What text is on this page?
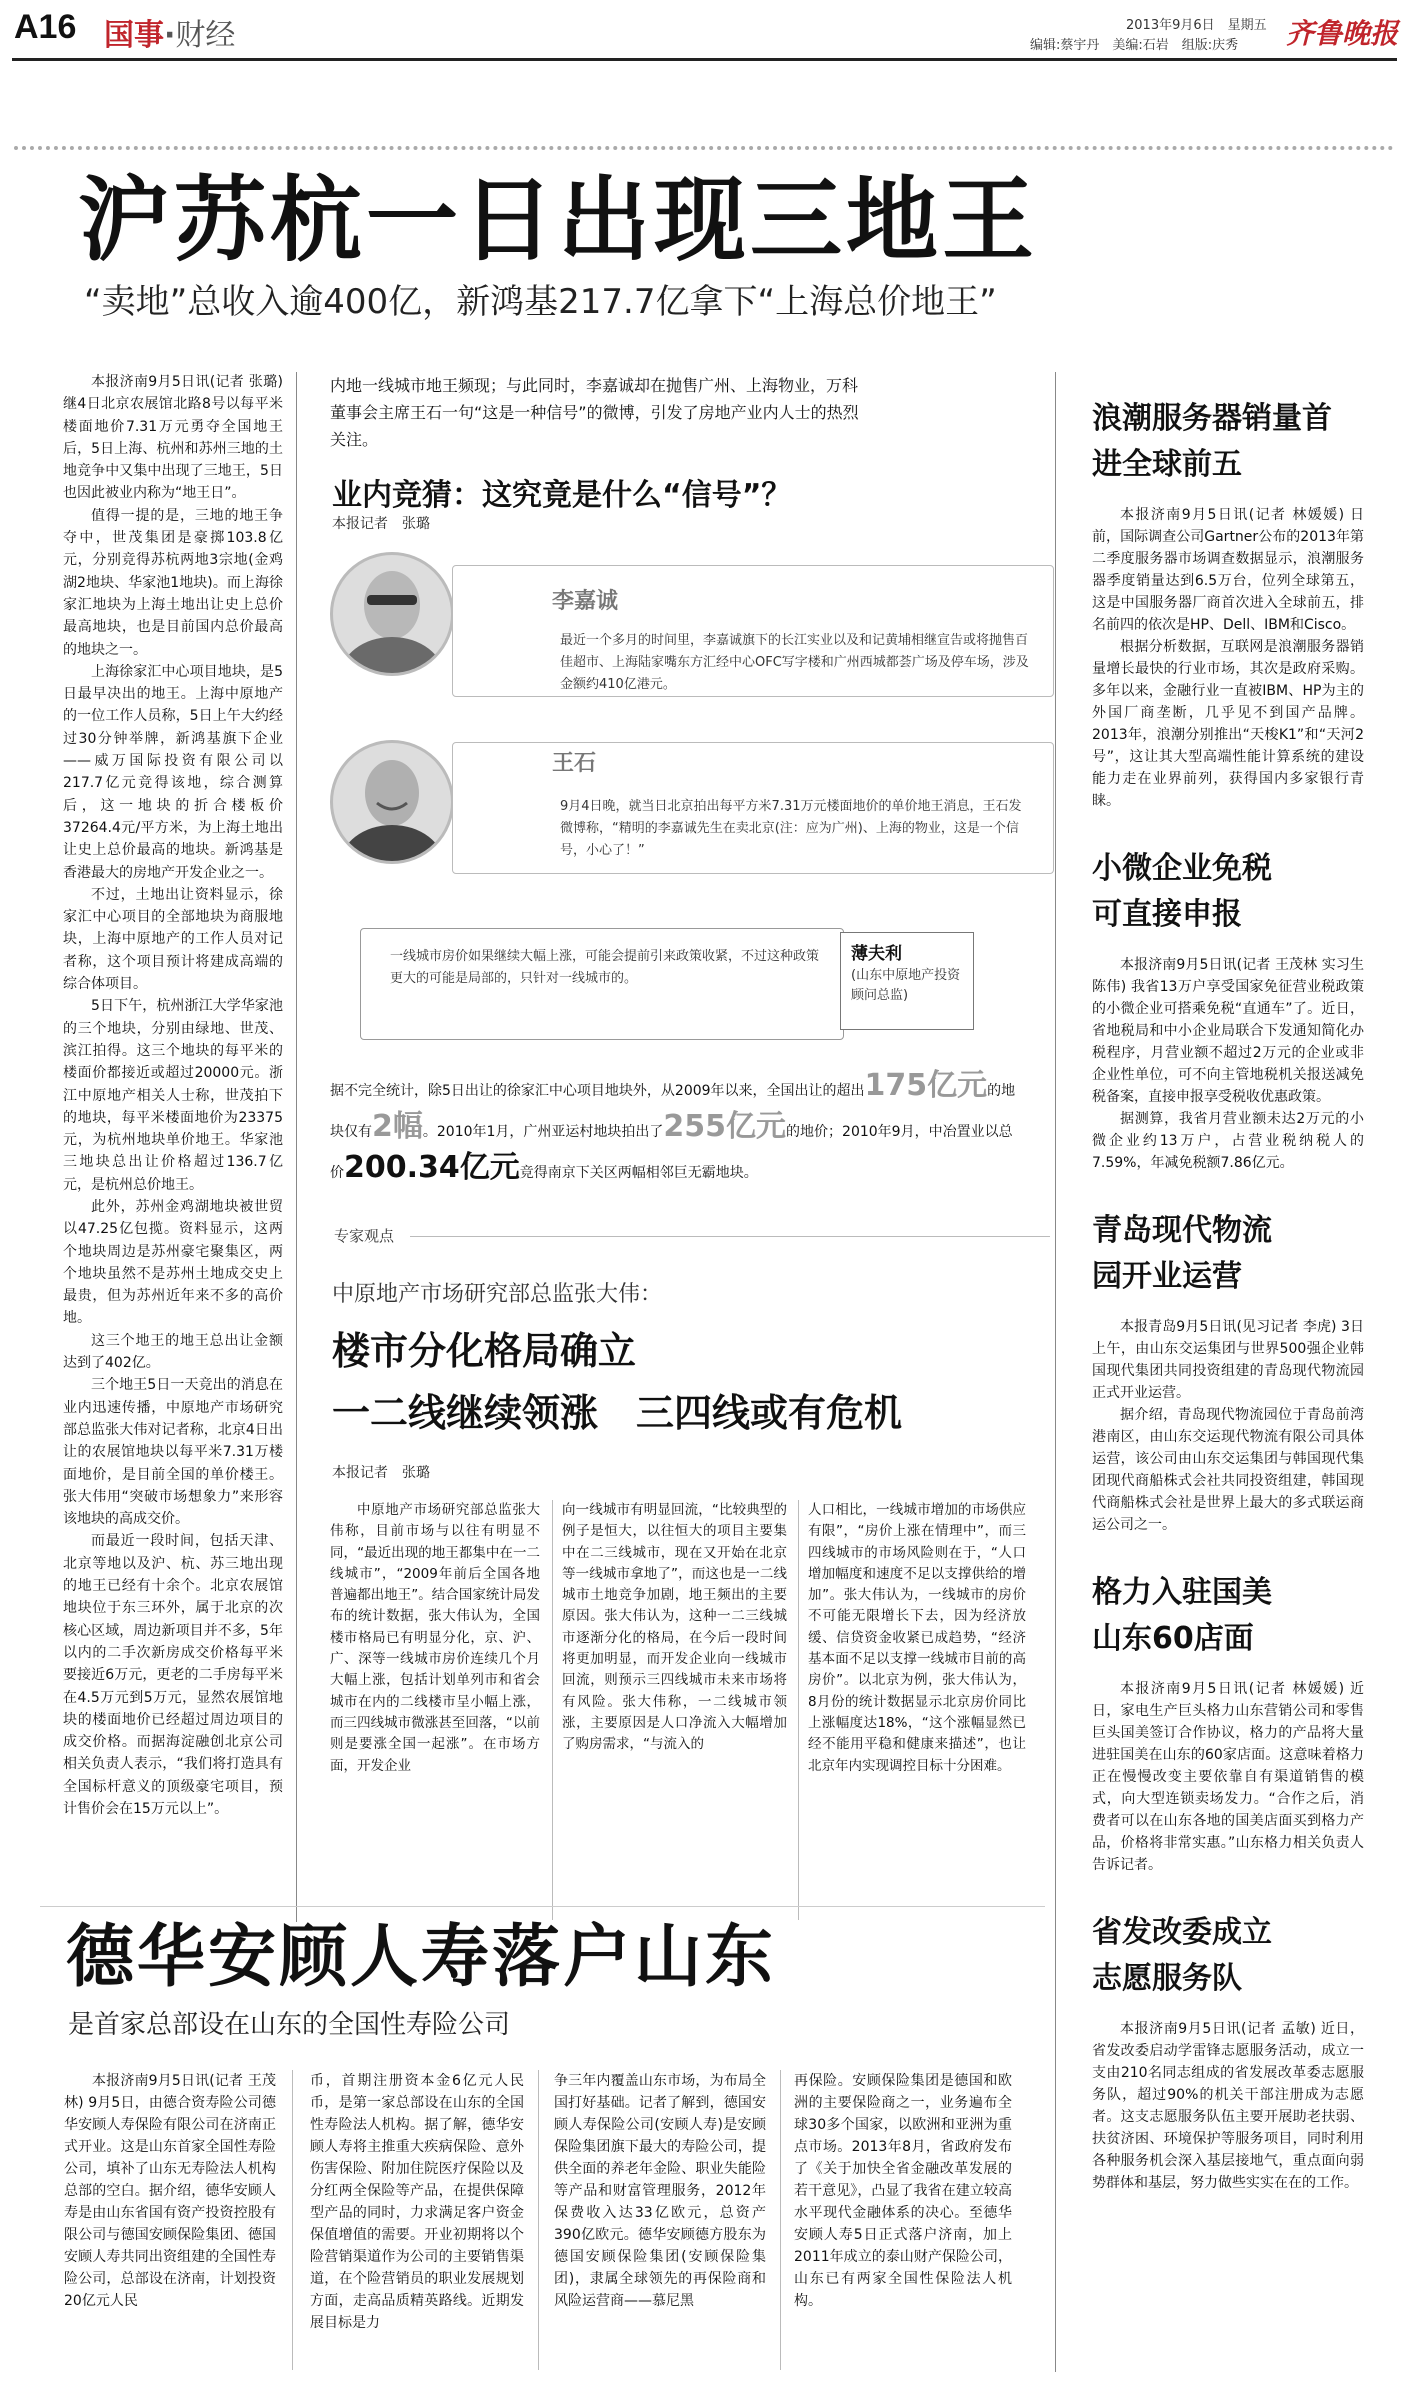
A16 国事·财经	2013年9月6日　星期五
编辑:蔡宇丹　美编:石岩　组版:庆秀 齐鲁晚报
沪苏杭一日出现三地王
“卖地”总收入逾400亿，新鸿基217.7亿拿下“上海总价地王”

本报济南9月5日讯(记者 张璐) 继4日北京农展馆北路8号以每平米楼面地价7.31万元勇夺全国地王后，5日上海、杭州和苏州三地的土地竞争中又集中出现了三地王，5日也因此被业内称为“地王日”。

值得一提的是，三地的地王争夺中，世茂集团是豪掷103.8亿元，分别竞得苏杭两地3宗地(金鸡湖2地块、华家池1地块)。而上海徐家汇地块为上海土地出让史上总价最高地块，也是目前国内总价最高的地块之一。

上海徐家汇中心项目地块，是5日最早决出的地王。上海中原地产的一位工作人员称，5日上午大约经过30分钟举牌，新鸿基旗下企业——威万国际投资有限公司以217.7亿元竞得该地，综合测算后，这一地块的折合楼板价37264.4元/平方米，为上海土地出让史上总价最高的地块。新鸿基是香港最大的房地产开发企业之一。

不过，土地出让资料显示，徐家汇中心项目的全部地块为商服地块，上海中原地产的工作人员对记者称，这个项目预计将建成高端的综合体项目。

5日下午，杭州浙江大学华家池的三个地块，分别由绿地、世茂、滨江拍得。这三个地块的每平米的楼面价都接近或超过20000元。浙江中原地产相关人士称，世茂拍下的地块，每平米楼面地价为23375元，为杭州地块单价地王。华家池三地块总出让价格超过136.7亿元，是杭州总价地王。

此外，苏州金鸡湖地块被世贸以47.25亿包揽。资料显示，这两个地块周边是苏州豪宅聚集区，两个地块虽然不是苏州土地成交史上最贵，但为苏州近年来不多的高价地。

这三个地王的地王总出让金额达到了402亿。

三个地王5日一天竞出的消息在业内迅速传播，中原地产市场研究部总监张大伟对记者称，北京4日出让的农展馆地块以每平米7.31万楼面地价，是目前全国的单价楼王。张大伟用“突破市场想象力”来形容该地块的高成交价。

而最近一段时间，包括天津、北京等地以及沪、杭、苏三地出现的地王已经有十余个。北京农展馆地块位于东三环外，属于北京的次核心区域，周边新项目并不多，5年以内的二手次新房成交价格每平米要接近6万元，更老的二手房每平米在4.5万元到5万元，显然农展馆地块的楼面地价已经超过周边项目的成交价格。而据海淀融创北京公司相关负责人表示，“我们将打造具有全国标杆意义的顶级豪宅项目，预计售价会在15万元以上”。

内地一线城市地王频现；与此同时，李嘉诚却在抛售广州、上海物业，万科董事会主席王石一句“这是一种信号”的微博，引发了房地产业内人士的热烈关注。
业内竞猜：这究竟是什么“信号”？
本报记者　张璐
李嘉诚
最近一个多月的时间里，李嘉诚旗下的长江实业以及和记黄埔相继宣告或将抛售百佳超市、上海陆家嘴东方汇经中心OFC写字楼和广州西城都荟广场及停车场，涉及金额约410亿港元。
王石
9月4日晚，就当日北京拍出每平方米7.31万元楼面地价的单价地王消息，王石发微博称，“精明的李嘉诚先生在卖北京(注：应为广州)、上海的物业，这是一个信号，小心了！”
一线城市房价如果继续大幅上涨，可能会提前引来政策收紧，不过这种政策更大的可能是局部的，只针对一线城市的。
薄夫利
(山东中原地产投资顾问总监)
据不完全统计，除5日出让的徐家汇中心项目地块外，从2009年以来，全国出让的超出175亿元的地块仅有2幅。2010年1月，广州亚运村地块拍出了255亿元的地价；2010年9月，中冶置业以总价200.34亿元竞得南京下关区两幅相邻巨无霸地块。
专家观点
中原地产市场研究部总监张大伟：
楼市分化格局确立
一二线继续领涨　三四线或有危机
本报记者　张璐

中原地产市场研究部总监张大伟称，目前市场与以往有明显不同，“最近出现的地王都集中在一二线城市”，“2009年前后全国各地普遍都出地王”。结合国家统计局发布的统计数据，张大伟认为，全国楼市格局已有明显分化，京、沪、广、深等一线城市房价连续几个月大幅上涨，包括计划单列市和省会城市在内的二线楼市呈小幅上涨，而三四线城市微涨甚至回落，“以前则是要涨全国一起涨”。在市场方面，开发企业

向一线城市有明显回流，“比较典型的例子是恒大，以往恒大的项目主要集中在二三线城市，现在又开始在北京等一线城市拿地了”，而这也是一二线城市土地竞争加剧，地王频出的主要原因。张大伟认为，这种一二三线城市逐渐分化的格局，在今后一段时间将更加明显，而开发企业向一线城市回流，则预示三四线城市未来市场将有风险。张大伟称，一二线城市领涨，主要原因是人口净流入大幅增加了购房需求，“与流入的

人口相比，一线城市增加的市场供应有限”，“房价上涨在情理中”，而三四线城市的市场风险则在于，“人口增加幅度和速度不足以支撑供给的增加”。张大伟认为，一线城市的房价不可能无限增长下去，因为经济放缓、信贷资金收紧已成趋势，“经济基本面不足以支撑一线城市目前的高房价”。以北京为例，张大伟认为，8月份的统计数据显示北京房价同比上涨幅度达18%，“这个涨幅显然已经不能用平稳和健康来描述”，也让北京年内实现调控目标十分困难。

浪潮服务器销量首进全球前五

本报济南9月5日讯(记者 林媛媛) 日前，国际调查公司Gartner公布的2013年第二季度服务器市场调查数据显示，浪潮服务器季度销量达到6.5万台，位列全球第五，这是中国服务器厂商首次进入全球前五，排名前四的依次是HP、Dell、IBM和Cisco。

根据分析数据，互联网是浪潮服务器销量增长最快的行业市场，其次是政府采购。多年以来，金融行业一直被IBM、HP为主的外国厂商垄断，几乎见不到国产品牌。2013年，浪潮分别推出“天梭K1”和“天河2号”，这让其大型高端性能计算系统的建设能力走在业界前列，获得国内多家银行青睐。

小微企业免税可直接申报

本报济南9月5日讯(记者 王茂林 实习生 陈伟) 我省13万户享受国家免征营业税政策的小微企业可搭乘免税“直通车”了。近日，省地税局和中小企业局联合下发通知简化办税程序，月营业额不超过2万元的企业或非企业性单位，可不向主管地税机关报送减免税备案，直接申报享受税收优惠政策。

据测算，我省月营业额未达2万元的小微企业约13万户，占营业税纳税人的7.59%，年减免税额7.86亿元。

青岛现代物流园开业运营

本报青岛9月5日讯(见习记者 李虎) 3日上午，由山东交运集团与世界500强企业韩国现代集团共同投资组建的青岛现代物流园正式开业运营。

据介绍，青岛现代物流园位于青岛前湾港南区，由山东交运现代物流有限公司具体运营，该公司由山东交运集团与韩国现代集团现代商船株式会社共同投资组建，韩国现代商船株式会社是世界上最大的多式联运商运公司之一。

格力入驻国美山东60店面

本报济南9月5日讯(记者 林媛媛) 近日，家电生产巨头格力山东营销公司和零售巨头国美签订合作协议，格力的产品将大量进驻国美在山东的60家店面。这意味着格力正在慢慢改变主要依靠自有渠道销售的模式，向大型连锁卖场发力。“合作之后，消费者可以在山东各地的国美店面买到格力产品，价格将非常实惠。”山东格力相关负责人告诉记者。

省发改委成立志愿服务队

本报济南9月5日讯(记者 孟敏) 近日，省发改委启动学雷锋志愿服务活动，成立一支由210名同志组成的省发展改革委志愿服务队，超过90%的机关干部注册成为志愿者。这支志愿服务队伍主要开展助老扶弱、扶贫济困、环境保护等服务项目，同时利用各种服务机会深入基层接地气，重点面向弱势群体和基层，努力做些实实在在的工作。

德华安顾人寿落户山东
是首家总部设在山东的全国性寿险公司

本报济南9月5日讯(记者 王茂林) 9月5日，由德合资寿险公司德华安顾人寿保险有限公司在济南正式开业。这是山东首家全国性寿险公司，填补了山东无寿险法人机构总部的空白。据介绍，德华安顾人寿是由山东省国有资产投资控股有限公司与德国安顾保险集团、德国安顾人寿共同出资组建的全国性寿险公司，总部设在济南，计划投资20亿元人民

币，首期注册资本金6亿元人民币，是第一家总部设在山东的全国性寿险法人机构。据了解，德华安顾人寿将主推重大疾病保险、意外伤害保险、附加住院医疗保险以及分红两全保险等产品，在提供保障型产品的同时，力求满足客户资金保值增值的需要。开业初期将以个险营销渠道作为公司的主要销售渠道，在个险营销员的职业发展规划方面，走高品质精英路线。近期发展目标是力

争三年内覆盖山东市场，为布局全国打好基础。记者了解到，德国安顾人寿保险公司(安顾人寿)是安顾保险集团旗下最大的寿险公司，提供全面的养老年金险、职业失能险等产品和财富管理服务，2012年保费收入达33亿欧元，总资产390亿欧元。德华安顾德方股东为德国安顾保险集团(安顾保险集团)，隶属全球领先的再保险商和风险运营商——慕尼黑

再保险。安顾保险集团是德国和欧洲的主要保险商之一，业务遍布全球30多个国家，以欧洲和亚洲为重点市场。2013年8月，省政府发布了《关于加快全省金融改革发展的若干意见》，凸显了我省在建立较高水平现代金融体系的决心。至德华安顾人寿5日正式落户济南，加上2011年成立的泰山财产保险公司，山东已有两家全国性保险法人机构。
